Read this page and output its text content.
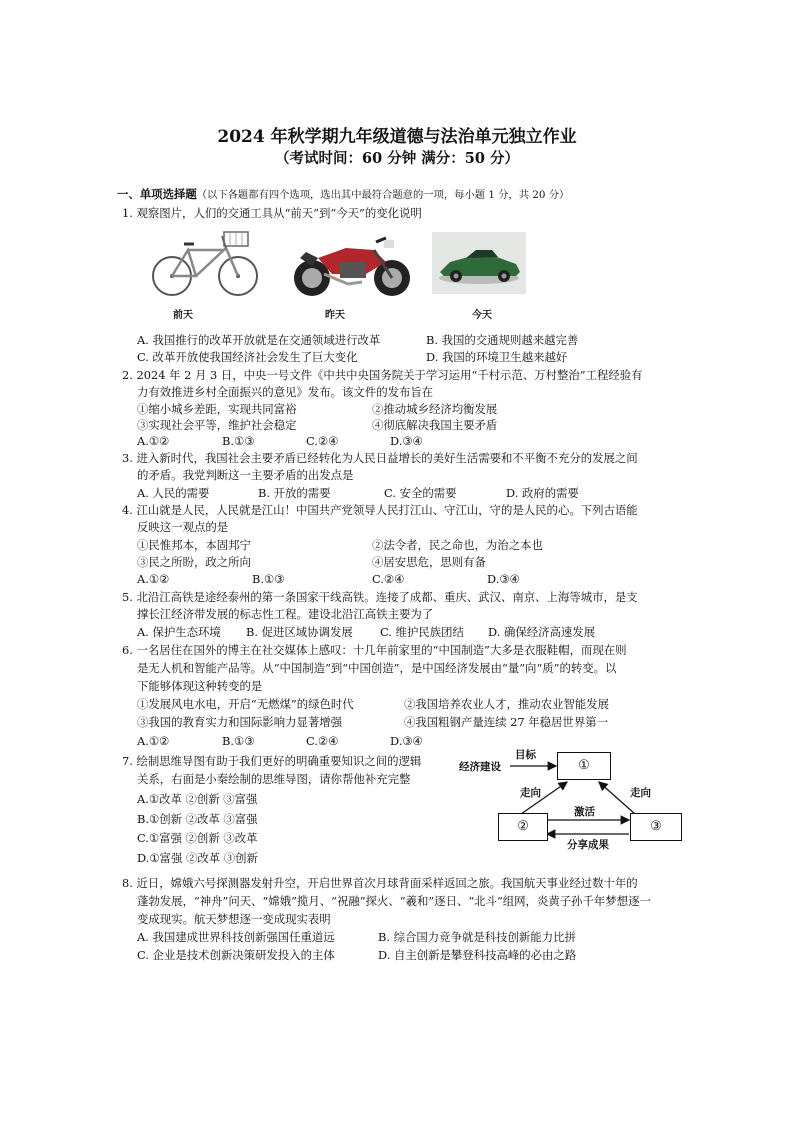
2024 年秋学期九年级道德与法治单元独立作业
（考试时间：60 分钟 满分：50 分）
一、单项选择题（以下各题都有四个选项，选出其中最符合题意的一项，每小题 1 分，共 20 分）
1. 观察图片，人们的交通工具从“前天”到“今天”的变化说明
前天	昨天	今天
A. 我国推行的改革开放就是在交通领域进行改革	B. 我国的交通规则越来越完善
C. 改革开放使我国经济社会发生了巨大变化	D. 我国的环境卫生越来越好
2. 2024 年 2 月 3 日，中央一号文件《中共中央国务院关于学习运用“千村示范、万村整治”工程经验有
力有效推进乡村全面振兴的意见》发布。该文件的发布旨在
①缩小城乡差距，实现共同富裕	②推动城乡经济均衡发展
③实现社会平等，维护社会稳定	④彻底解决我国主要矛盾
A.①②	B.①③	C.②④	D.③④
3. 进入新时代，我国社会主要矛盾已经转化为人民日益增长的美好生活需要和不平衡不充分的发展之间
的矛盾。我党判断这一主要矛盾的出发点是
A. 人民的需要	B. 开放的需要	C. 安全的需要	D. 政府的需要
4. 江山就是人民，人民就是江山！中国共产党领导人民打江山、守江山，守的是人民的心。下列古语能
反映这一观点的是
①民惟邦本，本固邦宁	②法令者，民之命也，为治之本也
③民之所盼，政之所向	④居安思危，思则有备
A.①②	B.①③	C.②④	D.③④
5. 北沿江高铁是途经泰州的第一条国家干线高铁。连接了成都、重庆、武汉、南京、上海等城市，是支
撑长江经济带发展的标志性工程。建设北沿江高铁主要为了
A. 保护生态环境 B. 促进区域协调发展 C. 维护民族团结 D. 确保经济高速发展
6. 一名居住在国外的博主在社交媒体上感叹：十几年前家里的“中国制造”大多是衣服鞋帽，而现在则
是无人机和智能产品等。从“中国制造”到“中国创造”，是中国经济发展由“量”向“质”的转变。以
下能够体现这种转变的是
①发展风电水电，开启“无燃煤”的绿色时代	②我国培养农业人才，推动农业智能发展
③我国的教育实力和国际影响力显著增强	④我国粗钢产量连续 27 年稳居世界第一
A.①②	B.①③	C.②④	D.③④
7. 绘制思维导图有助于我们更好的明确重要知识之间的逻辑
关系，右面是小秦绘制的思维导图，请你帮他补充完整
A.①改革 ②创新 ③富强
B.①创新 ②改革 ③富强
C.①富强 ②创新 ③改革
D.①富强 ②改革 ③创新
①
②	③
经济建设
目标
走向	走向
激活
分享成果
8. 近日，嫦娥六号探测器发射升空，开启世界首次月球背面采样返回之旅。我国航天事业经过数十年的
蓬勃发展，“神舟”问天、“嫦娥”揽月、“祝融”探火、“羲和”逐日、“北斗”组网，炎黄子孙千年梦想逐一
变成现实。航天梦想逐一变成现实表明
A. 我国建成世界科技创新强国任重道远	B. 综合国力竞争就是科技创新能力比拼
C. 企业是技术创新决策研发投入的主体	D. 自主创新是攀登科技高峰的必由之路
